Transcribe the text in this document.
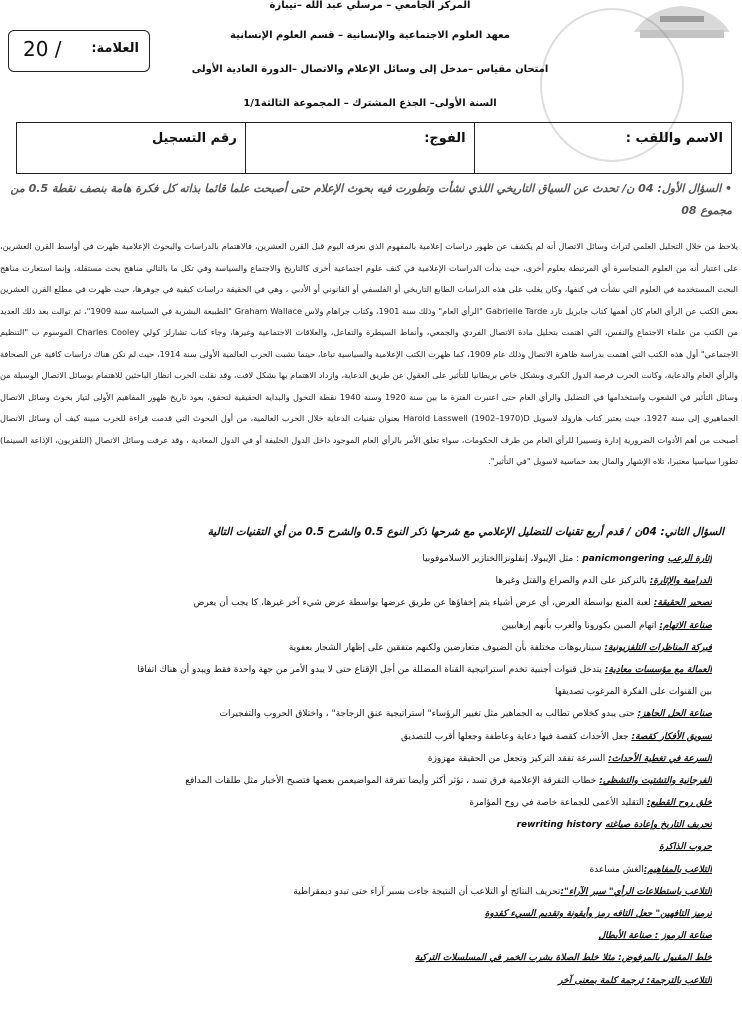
المركز الجامعي – مرسلي عبد الله –تيبازة
معهد العلوم الاجتماعية والإنسانية – قسم العلوم الإنسانية
امتحان مقياس –مدخل إلى وسائل الإعلام والاتصال –الدورة العادية الأولى
السنة الأولى– الجذع المشترك – المجموعة الثالثة1/1
العلامة:
20 /
الاسم واللقب :	الفوج:	رقم التسجيل
• السؤال الأول: 04 ن/ تحدث عن السياق التاريخي اللذي نشأت وتطورت فيه بحوث الإعلام حتى أصبحت علما قائما بذاته كل فكرة هامة بنصف نقطة 0.5 من مجموع 08
يلاحظ من خلال التحليل العلمي لتراث وسائل الاتصال أنه لم يكشف عن ظهور دراسات إعلامية بالمفهوم الذي نعرفه اليوم قبل القرن العشرين، فالاهتمام بالدراسات والبحوث الإعلامية ظهرت في أواسط القرن العشرين، على اعتبار أنه من العلوم المتجاسرة أي المرتبطة بعلوم أخرى، حيث بدأت الدراسات الإعلامية في كنف علوم اجتماعية أخرى كالتاريخ والاجتماع والسياسة وفي تكل ما بالتالي مناهج بحث مستقلة، وإنما استعارت مناهج البحث المستخدمة في العلوم التي نشأت في كنفها، وكان يغلب على هذه الدراسات الطابع التاريخي أو الفلسفي أو القانوني أو الأدبي ، وهي في الحقيقة دراسات كيفية في جوهرها، حيث ظهرت في مطلع القرن العشرين بعض الكتب عن الرأي العام كان أهمها كتاب جابريل تارد Gabrielle Tarde "الرأي العام" وذلك سنة 1901، وكتاب جراهام ولاس Graham Wallace "الطبيعة البشرية في السياسة سنة 1909"، ثم توالت بعد ذلك العديد من الكتب من علماء الاجتماع والنفس، التي اهتمت بتحليل مادة الاتصال الفردي والجمعي، وأنماط السيطرة والتفاعل، والعلاقات الاجتماعية وغيرها، وجاء كتاب تشارلز كولي Charles Cooley الموسوم ب "التنظيم الاجتماعي" أول هذه الكتب التي اهتمت بدراسة ظاهرة الاتصال وذلك عام 1909، كما ظهرت الكتب الإعلامية والسياسية تباعا، حينما نشبت الحرب العالمية الأولى سنة 1914، حيث لم تكن هناك دراسات كافية عن الصحافة والرأي العام والدعاية، وكانت الحرب فرصة الدول الكبرى وبشكل خاص بريطانيا للتأثير على العقول عن طريق الدعاية، وازداد الاهتمام بها بشكل لافت، وقد نقلت الحرب انظار الباحثين للاهتمام بوسائل الاتصال الوسيلة من وسائل التأثير في الشعوب واستخدامها في التضليل والرأي العام حتى اعتبرت الفترة ما بين سنة 1920 وسنة 1940 نقطة التحول والبداية الحقيقية لتحقق، بعود تاريخ ظهور المفاهيم الأولى لتيار بحوث وسائل الاتصال الجماهيري إلى سنة 1927، حيث يعتبر كتاب هارولد لاسويل Harold Lasswell (1902–1970)D بعنوان تقنيات الدعاية خلال الحرب العالمية، من أول البحوث التي قدمت قراءة للحرب مبينة كيف أن وسائل الاتصال أصبحت من أهم الأدوات الضرورية إدارة وتسييرا للرأي العام من طرف الحكومات، سواء تعلق الأمر بالرأي العام الموجود داخل الدول الحليفة أو في الدول المعادية ، وقد عرفت وسائل الاتصال (التلفزيون، الإذاعة السينما) تطورا سياسيا معتبرا، تلاه الإشهار والمال بعد حماسية لاسويل "في التأثير".
السؤال الثاني: 04ن / قدم أربع تقنيات للتضليل الإعلامي مع شرحها ذكر النوع 0.5 والشرح 0.5 من أي التقنيات التالية
• إثارة الرعب panicmongering : مثل الإيبولا، إنفلونزاالخنازير الاسلاموفوبيا
• الدرامية والإثارة: بالتركيز على الدم والصراع والقتل وغيرها
• تصحير الحقيقة: لعبة المنع بواسطة العرض، أي عرض أشياء يتم إخفاؤها عن طريق عرضها بواسطة عرض شيء آخر غيرها، كا يجب أن يعرض
• صناعة الاتهام: اتهام الصين بكورونا والعرب بأنهم إرهابيين
• فبركة المناظرات التلفزيونية: سيناريوهات مختلفة بأن الضيوف متعارضين ولكنهم متفقين على إظهار الشجار بعفوية
• العمالة مع مؤسسات معادية: يتدخل قنوات أجنبية تخدم استراتيجية القناة المضللة من أجل الإقناع حتى لا يبدو الأمر من جهة واحدة فقط ويبدو أن هناك اتفاقا
بين القنوات على الفكرة المرغوب تصديقها
• صناعة الحل الجاهز: حتى يبدو كخلاص تطالب به الجماهير مثل تغيير الرؤساء" استراتيجية عنق الزجاجة" ، واختلاق الحروب والتفجيرات
• تسويق الأفكار كقصة: جعل الأحداث كقصة فيها دعاية وعاطفة وجعلها أقرب للتصديق
• السرعة في تغطية الأحداث: السرعة تفقد التركيز وتجعل من الحقيقة مهزوزة
• الفرجانية والتشتيت والتشظي: خطاب التفرقة الإعلامية فرق تسد ، تؤثر أكثر وأيضا تفرقة المواضيعمن بعضها فتصبح الأخبار مثل طلقات المدافع
• خلق روح القطيع: التقليد الأعمى للجماعة خاصة في روح المؤامرة
• تحريف التاريخ وإعادة صياغته rewriting history
• حروب الذاكرة
• التلاعب بالمفاهيم:الغش مساعدة
• التلاعب باستطلاعات الرأي" سبر الآراء":تحريف النتائج أو التلاعب أن النتيجة جاءت بسبر آراء حتى تبدو ديمقراطية
• ترميز التافهين" جعل التافه رمز وأيقونة وتقديم السيء كقدوة
• صناعة الرموز : صناعة الأبطال
• خلط المقبول بالمرفوض: مثلا خلط الصلاة بشرب الخمر في المسلسلات التركية
• التلاعب بالترجمة: ترجمة كلمة بمعنى آخر
